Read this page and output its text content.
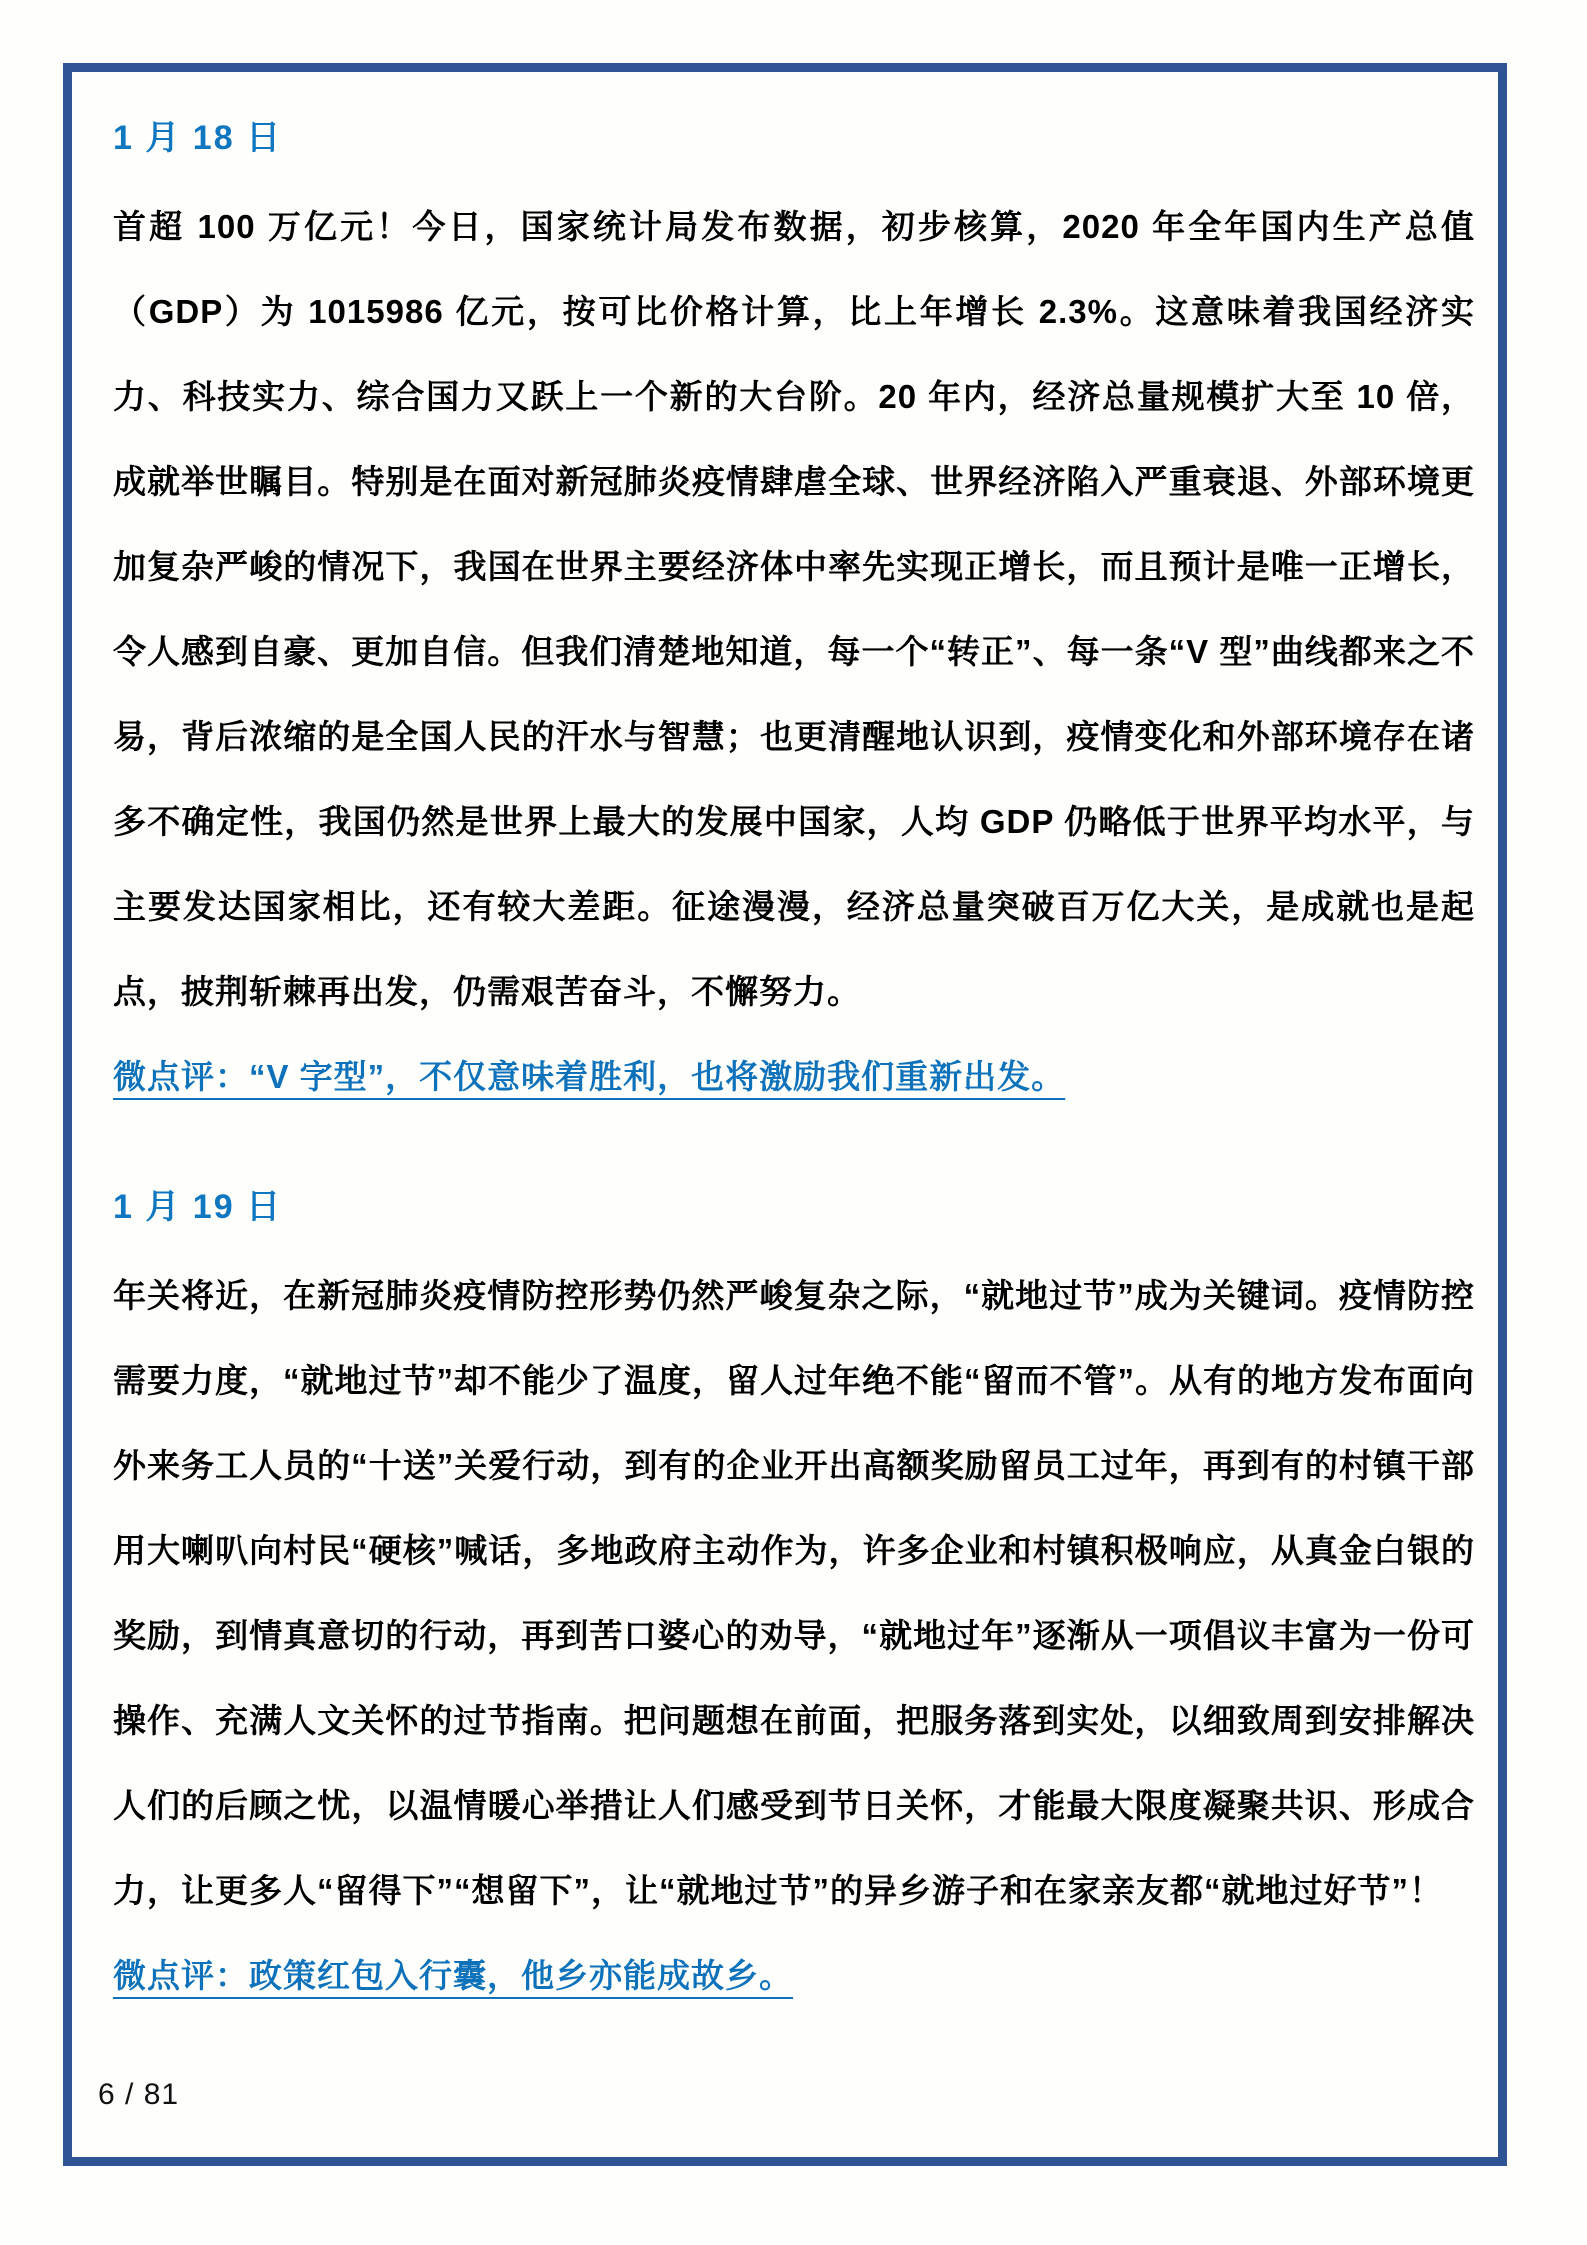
1 月 18 日

首超 100 万亿元！今日，国家统计局发布数据，初步核算，2020 年全年国内生产总值（GDP）为 1015986 亿元，按可比价格计算，比上年增长 2.3%。这意味着我国经济实力、科技实力、综合国力又跃上一个新的大台阶。20 年内，经济总量规模扩大至 10 倍，成就举世瞩目。特别是在面对新冠肺炎疫情肆虐全球、世界经济陷入严重衰退、外部环境更加复杂严峻的情况下，我国在世界主要经济体中率先实现正增长，而且预计是唯一正增长，令人感到自豪、更加自信。但我们清楚地知道，每一个“转正”、每一条“V 型”曲线都来之不易，背后浓缩的是全国人民的汗水与智慧；也更清醒地认识到，疫情变化和外部环境存在诸多不确定性，我国仍然是世界上最大的发展中国家，人均 GDP 仍略低于世界平均水平，与主要发达国家相比，还有较大差距。征途漫漫，经济总量突破百万亿大关，是成就也是起点，披荆斩棘再出发，仍需艰苦奋斗，不懈努力。

微点评：“V 字型”，不仅意味着胜利，也将激励我们重新出发。

1 月 19 日

年关将近，在新冠肺炎疫情防控形势仍然严峻复杂之际，“就地过节”成为关键词。疫情防控需要力度，“就地过节”却不能少了温度，留人过年绝不能“留而不管”。从有的地方发布面向外来务工人员的“十送”关爱行动，到有的企业开出高额奖励留员工过年，再到有的村镇干部用大喇叭向村民“硬核”喊话，多地政府主动作为，许多企业和村镇积极响应，从真金白银的奖励，到情真意切的行动，再到苦口婆心的劝导，“就地过年”逐渐从一项倡议丰富为一份可操作、充满人文关怀的过节指南。把问题想在前面，把服务落到实处，以细致周到安排解决人们的后顾之忧，以温情暖心举措让人们感受到节日关怀，才能最大限度凝聚共识、形成合力，让更多人“留得下”“想留下”，让“就地过节”的异乡游子和在家亲友都“就地过好节”！

微点评：政策红包入行囊，他乡亦能成故乡。

6 / 81
